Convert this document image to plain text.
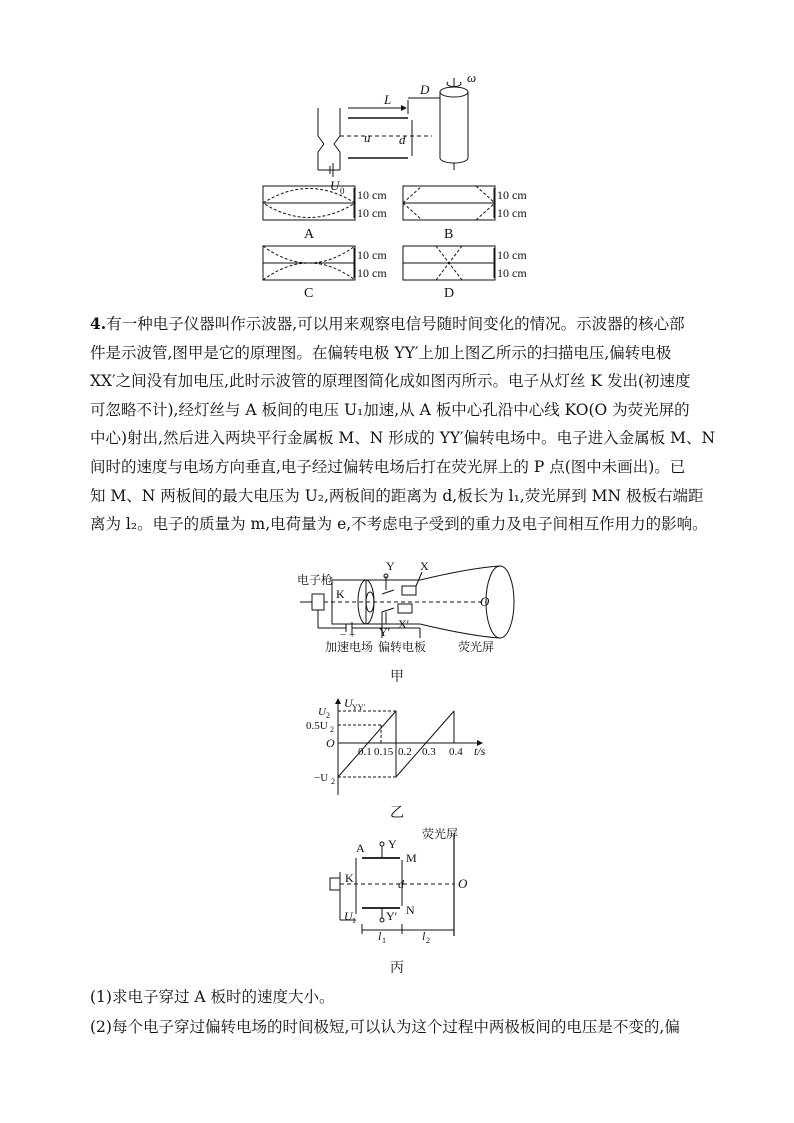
L
D
ω
u d
U 0 10 cm
10 cm
10 cm
10 cm
10 cm
10 cm
10 cm
10 cm
A	B
C	D

4.有一种电子仪器叫作示波器,可以用来观察电信号随时间变化的情况。示波器的核心部

件是示波管,图甲是它的原理图。在偏转电极 YY′上加上图乙所示的扫描电压,偏转电极

XX′之间没有加电压,此时示波管的原理图简化成如图丙所示。电子从灯丝 K 发出(初速度

可忽略不计),经灯丝与 A 板间的电压 U₁加速,从 A 板中心孔沿中心线 KO(O 为荧光屏的

中心)射出,然后进入两块平行金属板 M、N 形成的 YY′偏转电场中。电子进入金属板 M、N

间时的速度与电场方向垂直,电子经过偏转电场后打在荧光屏上的 P 点(图中未画出)。已

知 M、N 两板间的最大电压为 U₂,两板间的距离为 d,板长为 l₁,荧光屏到 MN 极板右端距

离为 l₂。电子的质量为 m,电荷量为 e,不考虑电子受到的重力及电子间相互作用力的影响。

电子枪
K
Y X
Y′
X′
O
− +
加速电场 偏转电板	荧光屏
甲
U YY′
U 2
0.5U 2
O
−U 2
0.1 0.15 0.2 0.3 0.4 t/s
乙
A Y
M
K	d	O
N
U 1	Y′
l 1	l 2
荧光屏
丙
(1)求电子穿过 A 板时的速度大小。
(2)每个电子穿过偏转电场的时间极短,可以认为这个过程中两极板间的电压是不变的,偏
